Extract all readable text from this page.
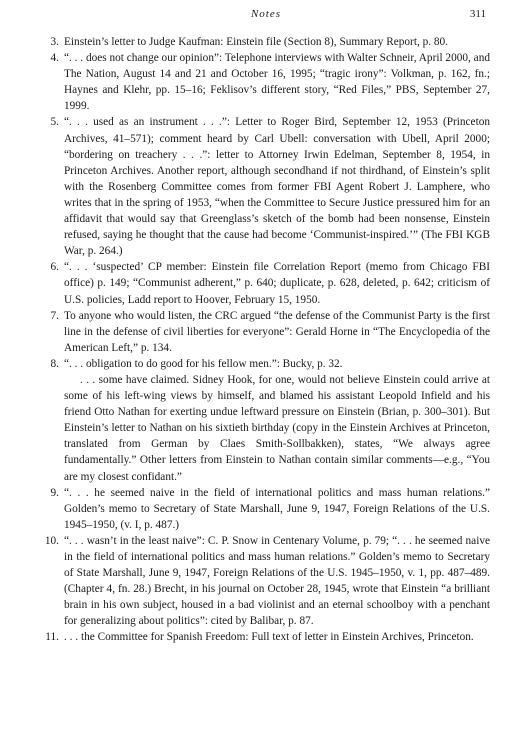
Notes	311

3. Einstein’s letter to Judge Kaufman: Einstein file (Section 8), Summary Report, p. 80.

4. “. . . does not change our opinion”: Telephone interviews with Walter Schneir, April 2000, and The Nation, August 14 and 21 and October 16, 1995; “tragic irony”: Volkman, p. 162, fn.; Haynes and Klehr, pp. 15–16; Feklisov’s different story, “Red Files,” PBS, September 27, 1999.

5. “. . . used as an instrument . . .”: Letter to Roger Bird, September 12, 1953 (Princeton Archives, 41–571); comment heard by Carl Ubell: conversation with Ubell, April 2000; “bordering on treachery . . .”: letter to Attorney Irwin Edelman, September 8, 1954, in Princeton Archives. Another report, although secondhand if not thirdhand, of Einstein’s split with the Rosenberg Committee comes from former FBI Agent Robert J. Lamphere, who writes that in the spring of 1953, “when the Committee to Secure Justice pressured him for an affidavit that would say that Greenglass’s sketch of the bomb had been nonsense, Einstein refused, saying he thought that the cause had become ‘Communist-inspired.’” (The FBI KGB War, p. 264.)

6. “. . . ‘suspected’ CP member: Einstein file Correlation Report (memo from Chicago FBI office) p. 149; “Communist adherent,” p. 640; duplicate, p. 628, deleted, p. 642; criticism of U.S. policies, Ladd report to Hoover, February 15, 1950.

7. To anyone who would listen, the CRC argued “the defense of the Communist Party is the first line in the defense of civil liberties for everyone”: Gerald Horne in “The Encyclopedia of the American Left,” p. 134.

8. “. . . obligation to do good for his fellow men.”: Bucky, p. 32.
. . . some have claimed. Sidney Hook, for one, would not believe Einstein could arrive at some of his left-wing views by himself, and blamed his assistant Leopold Infield and his friend Otto Nathan for exerting undue leftward pressure on Einstein (Brian, p. 300–301). But Einstein’s letter to Nathan on his sixtieth birthday (copy in the Einstein Archives at Princeton, translated from German by Claes Smith-Sollbakken), states, “We always agree fundamentally.” Other letters from Einstein to Nathan contain similar comments—e.g., “You are my closest confidant.”

9. “. . . he seemed naive in the field of international politics and mass human relations.” Golden’s memo to Secretary of State Marshall, June 9, 1947, Foreign Relations of the U.S. 1945–1950, (v. I, p. 487.)

10. “. . . wasn’t in the least naive”: C. P. Snow in Centenary Volume, p. 79; “. . . he seemed naive in the field of international politics and mass human relations.” Golden’s memo to Secretary of State Marshall, June 9, 1947, Foreign Relations of the U.S. 1945–1950, v. 1, pp. 487–489. (Chapter 4, fn. 28.) Brecht, in his journal on October 28, 1945, wrote that Einstein “a brilliant brain in his own subject, housed in a bad violinist and an eternal schoolboy with a penchant for generalizing about politics”: cited by Balibar, p. 87.

11. . . . the Committee for Spanish Freedom: Full text of letter in Einstein Archives, Princeton.
